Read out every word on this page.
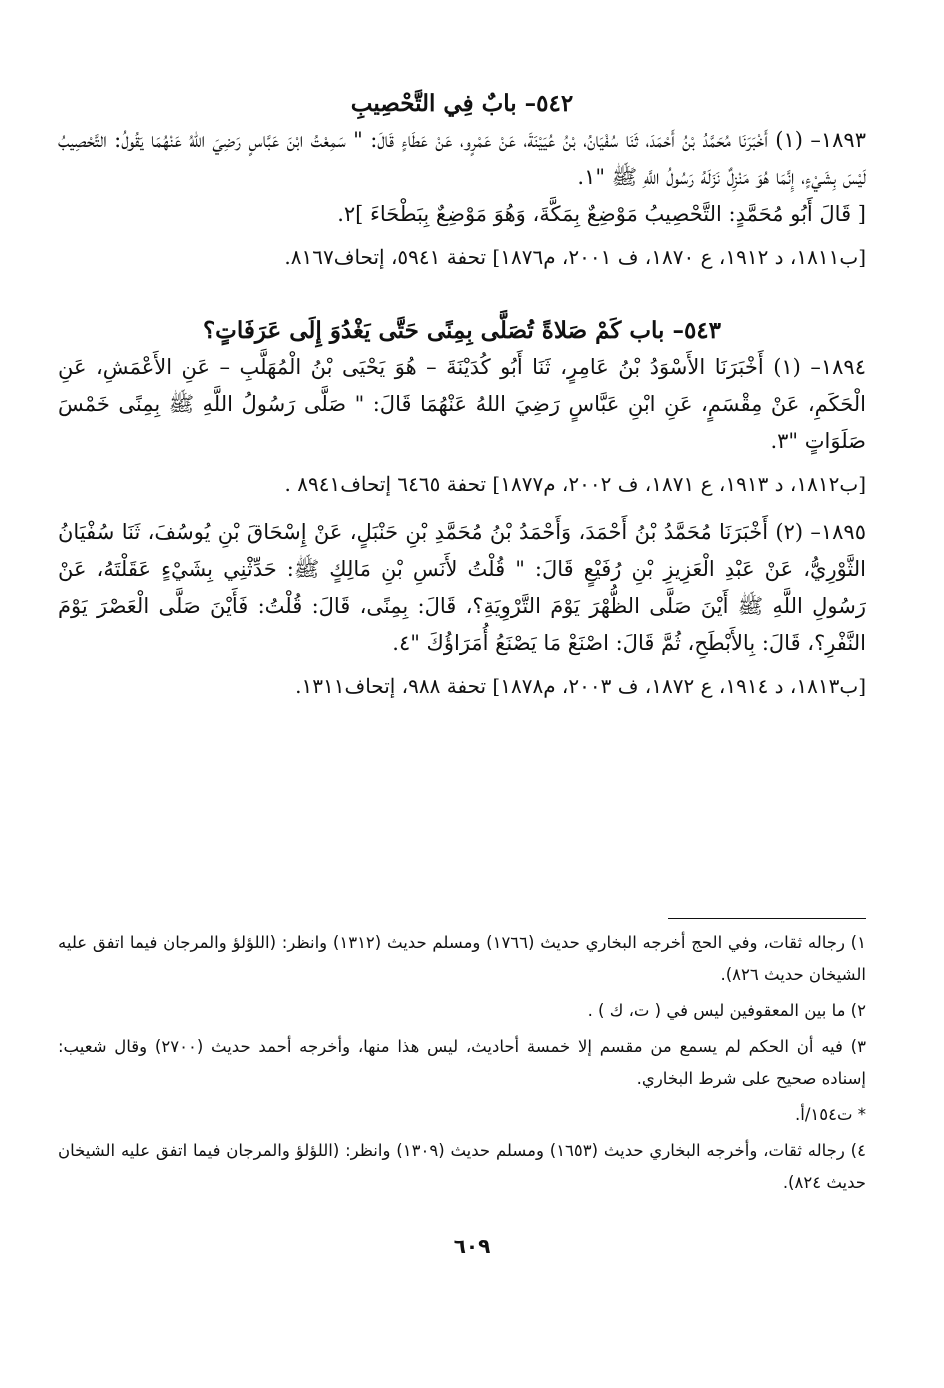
٥٤٢– بابٌ فِي التَّحْصِيبِ

١٨٩٣– (١) أَخْبَرَنَا مُحَمَّدُ بْنُ أَحْمَدَ، ثَنَا سُفْيَانُ، بْنُ عُيَيْنَةَ، عَنْ عَمْرٍو، عَنْ عَطَاءٍ قَالَ: " سَمِعْتُ ابْنَ عَبَّاسٍ رَضِيَ اللهُ عَنْهُمَا يَقُولُ: التَّحْصِيبُ لَيْسَ بِشَيْءٍ، إِنَّمَا هُوَ مَنْزِلٌ نَزَلَهُ رَسُولُ اللَّهِ ﷺ "١.

[ قَالَ أَبُو مُحَمَّدٍ: التَّحْصِيبُ مَوْضِعٌ بِمَكَّةَ، وَهُوَ مَوْضِعٌ بِبَطْحَاءَ ]٢.

[ب١٨١١، د ١٩١٢، ع ١٨٧٠، ف ٢٠٠١، م١٨٧٦] تحفة ٥٩٤١، إتحاف٨١٦٧.

٥٤٣– باب كَمْ صَلاةً تُصَلَّى بِمِنًى حَتَّى يَغْدُوَ إِلَى عَرَفَاتٍ؟

١٨٩٤– (١) أَخْبَرَنَا الأَسْوَدُ بْنُ عَامِرٍ، ثَنَا أَبُو كُدَيْنَةَ – هُوَ يَحْيَى بْنُ الْمُهَلَّبِ – عَنِ الأَعْمَشِ، عَنِ الْحَكَمِ، عَنْ مِقْسَمٍ، عَنِ ابْنِ عَبَّاسٍ رَضِيَ اللهُ عَنْهُمَا قَالَ: " صَلَّى رَسُولُ اللَّهِ ﷺ بِمِنًى خَمْسَ صَلَوَاتٍ "٣.

[ب١٨١٢، د ١٩١٣، ع ١٨٧١، ف ٢٠٠٢، م١٨٧٧] تحفة ٦٤٦٥ إتحاف٨٩٤١ .

١٨٩٥– (٢) أَخْبَرَنَا مُحَمَّدُ بْنُ أَحْمَدَ، وَأَحْمَدُ بْنُ مُحَمَّدِ بْنِ حَنْبَلٍ، عَنْ إِسْحَاقَ بْنِ يُوسُفَ، ثَنَا سُفْيَانُ الثَّوْرِيُّ، عَنْ عَبْدِ الْعَزِيزِ بْنِ رُفَيْعٍ قَالَ: " قُلْتُ لأَنَسِ بْنِ مَالِكٍ ﷺ: حَدِّثْنِي بِشَيْءٍ عَقَلْتَهُ، عَنْ رَسُولِ اللَّهِ ﷺ أَيْنَ صَلَّى الظُّهْرَ يَوْمَ التَّرْوِيَةِ؟، قَالَ: بِمِنًى، قَالَ: قُلْتُ: فَأَيْنَ صَلَّى الْعَصْرَ يَوْمَ النَّفْرِ؟، قَالَ: بِالأَبْطَحِ، ثُمَّ قَالَ: اصْنَعْ مَا يَصْنَعُ أُمَرَاؤُكَ "٤.

[ب١٨١٣، د ١٩١٤، ع ١٨٧٢، ف ٢٠٠٣، م١٨٧٨] تحفة ٩٨٨، إتحاف١٣١١.

١) رجاله ثقات، وفي الحج أخرجه البخاري حديث (١٧٦٦) ومسلم حديث (١٣١٢) وانظر: (اللؤلؤ والمرجان فيما اتفق عليه الشيخان حديث ٨٢٦).

٢) ما بين المعقوفين ليس في ( ت، ك ) .

٣) فيه أن الحكم لم يسمع من مقسم إلا خمسة أحاديث، ليس هذا منها، وأخرجه أحمد حديث (٢٧٠٠) وقال شعيب: إسناده صحيح على شرط البخاري.

* ت١٥٤/أ.

٤) رجاله ثقات، وأخرجه البخاري حديث (١٦٥٣) ومسلم حديث (١٣٠٩) وانظر: (اللؤلؤ والمرجان فيما اتفق عليه الشيخان حديث ٨٢٤).

٦٠٩
